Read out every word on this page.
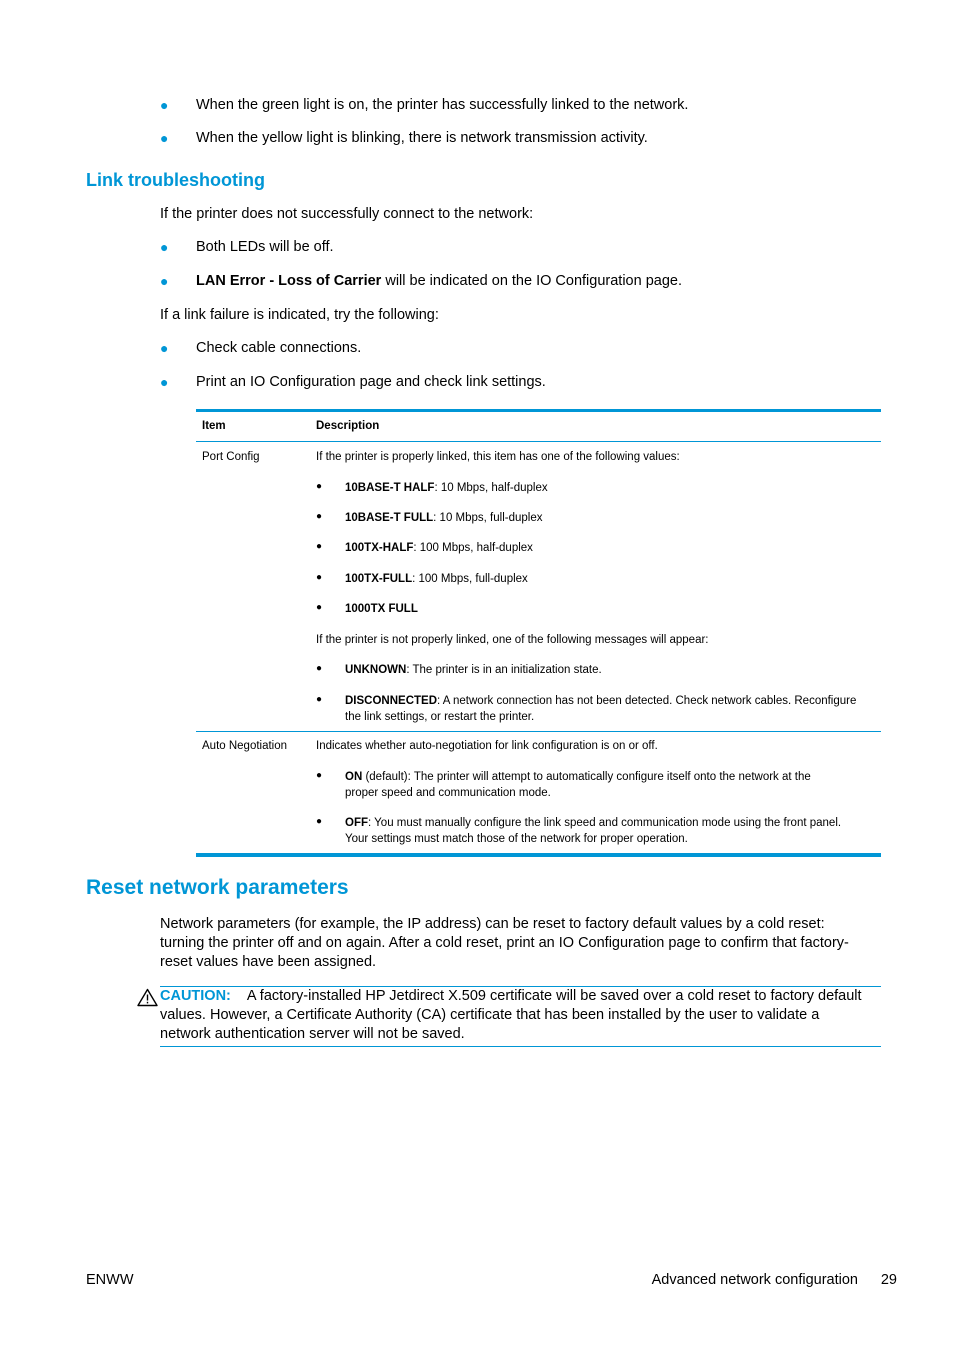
●
When the green light is on, the printer has successfully linked to the network.
●
When the yellow light is blinking, there is network transmission activity.
Link troubleshooting
If the printer does not successfully connect to the network:
●
Both LEDs will be off.
●
LAN Error - Loss of Carrier will be indicated on the IO Configuration page.
If a link failure is indicated, try the following:
●
Check cable connections.
●
Print an IO Configuration page and check link settings.
Item	Description
Port Config	If the printer is properly linked, this item has one of the following values:
●
10BASE-T HALF: 10 Mbps, half-duplex
●
10BASE-T FULL: 10 Mbps, full-duplex
●
100TX-HALF: 100 Mbps, half-duplex
●
100TX-FULL: 100 Mbps, full-duplex
●
1000TX FULL
If the printer is not properly linked, one of the following messages will appear:
●
UNKNOWN: The printer is in an initialization state.
●
DISCONNECTED: A network connection has not been detected. Check network cables. Reconfigure
the link settings, or restart the printer.
Auto Negotiation	Indicates whether auto-negotiation for link configuration is on or off.
●
ON (default): The printer will attempt to automatically configure itself onto the network at the
proper speed and communication mode.
●
OFF: You must manually configure the link speed and communication mode using the front panel.
Your settings must match those of the network for proper operation.
Reset network parameters
Network parameters (for example, the IP address) can be reset to factory default values by a cold reset:
turning the printer off and on again. After a cold reset, print an IO Configuration page to confirm that factory-
reset values have been assigned.
CAUTION: A factory-installed HP Jetdirect X.509 certificate will be saved over a cold reset to factory default
values. However, a Certificate Authority (CA) certificate that has been installed by the user to validate a
network authentication server will not be saved.
ENWW	Advanced network configuration 29
